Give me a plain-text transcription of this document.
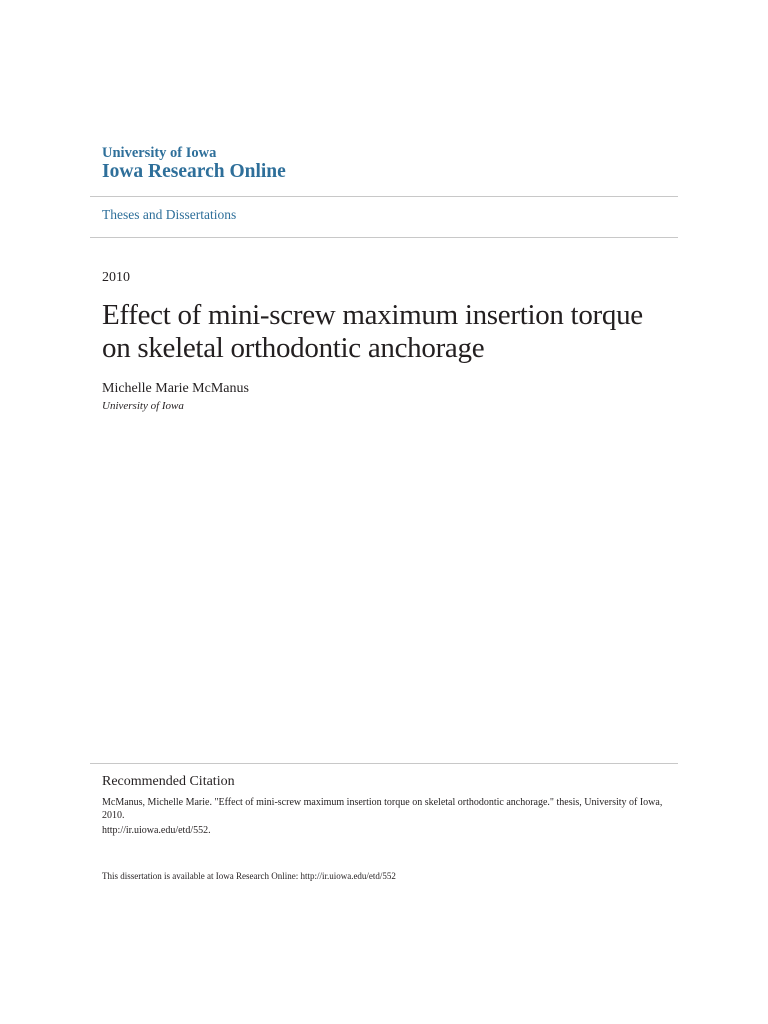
University of Iowa
Iowa Research Online
Theses and Dissertations
2010
Effect of mini-screw maximum insertion torque on skeletal orthodontic anchorage
Michelle Marie McManus
University of Iowa
Recommended Citation
McManus, Michelle Marie. "Effect of mini-screw maximum insertion torque on skeletal orthodontic anchorage." thesis, University of Iowa, 2010.
http://ir.uiowa.edu/etd/552.
This dissertation is available at Iowa Research Online: http://ir.uiowa.edu/etd/552
